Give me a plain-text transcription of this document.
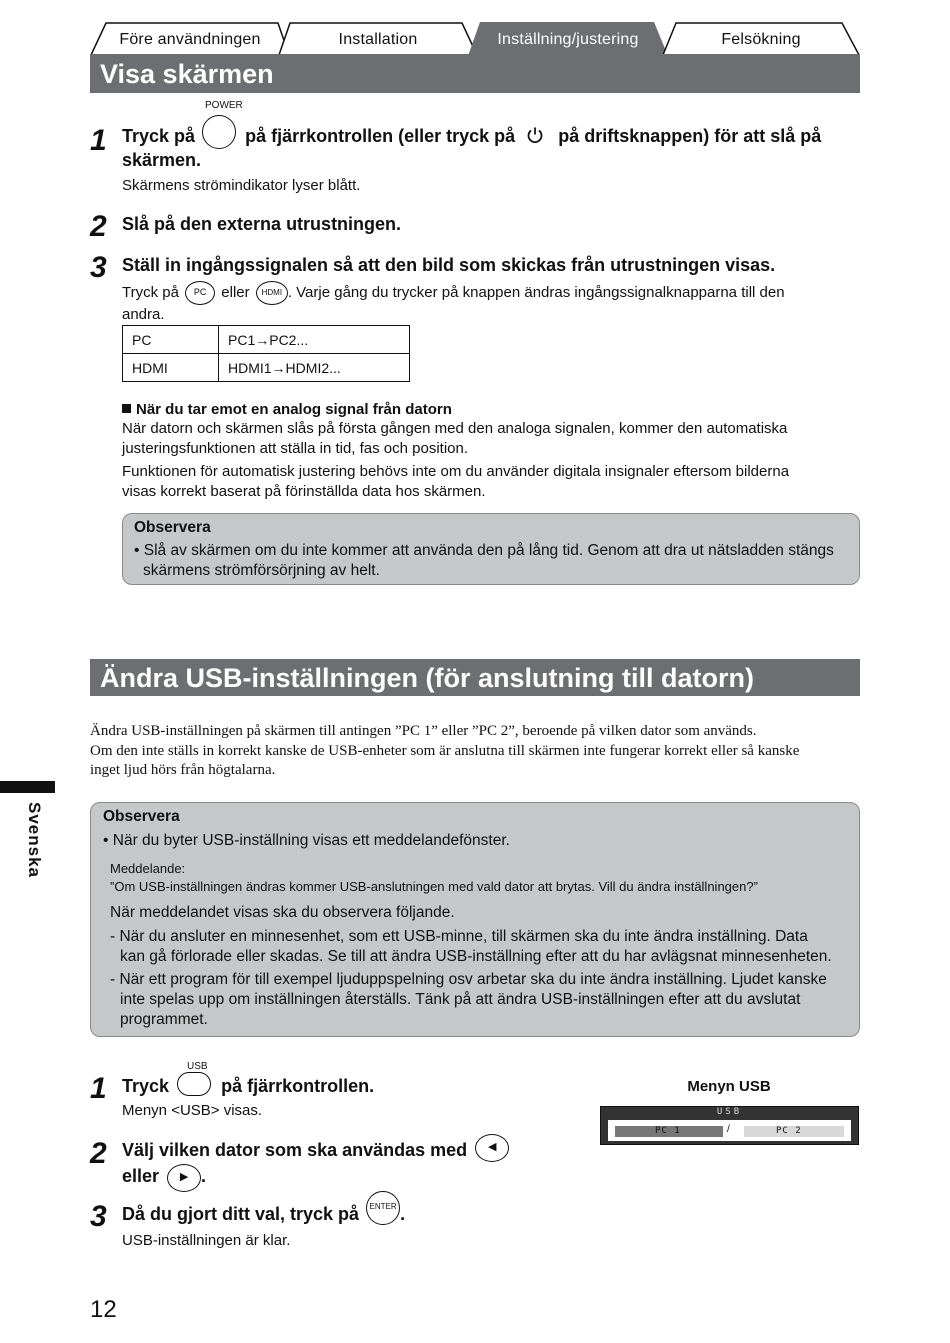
Före användningen	Installation	Inställning/justering	Felsökning
Visa skärmen
POWER
1 Tryck på	på fjärrkontrollen (eller tryck på på driftsknappen) för att slå på
skärmen.
Skärmens strömindikator lyser blått.
2 Slå på den externa utrustningen.
3 Ställ in ingångssignalen så att den bild som skickas från utrustningen visas.
Tryck på PC eller HDMI . Varje gång du trycker på knappen ändras ingångssignalknapparna till den
andra.
PC	PC1→PC2...
HDMI	HDMI1→HDMI2...
När du tar emot en analog signal från datorn
När datorn och skärmen slås på första gången med den analoga signalen, kommer den automatiska
justeringsfunktionen att ställa in tid, fas och position.
Funktionen för automatisk justering behövs inte om du använder digitala insignaler eftersom bilderna
visas korrekt baserat på förinställda data hos skärmen.
Observera
• Slå av skärmen om du inte kommer att använda den på lång tid. Genom att dra ut nätsladden stängs
skärmens strömförsörjning av helt.
Ändra USB-inställningen (för anslutning till datorn)
Ändra USB-inställningen på skärmen till antingen ”PC 1” eller ”PC 2”, beroende på vilken dator som används.
Om den inte ställs in korrekt kanske de USB-enheter som är anslutna till skärmen inte fungerar korrekt eller så kanske
inget ljud hörs från högtalarna.
Svenska	Observera
• När du byter USB-inställning visas ett meddelandefönster.
Meddelande:
”Om USB-inställningen ändras kommer USB-anslutningen med vald dator att brytas. Vill du ändra inställningen?”
När meddelandet visas ska du observera följande.
- När du ansluter en minnesenhet, som ett USB-minne, till skärmen ska du inte ändra inställning. Data
kan gå förlorade eller skadas. Se till att ändra USB-inställning efter att du har avlägsnat minnesenheten.
- När ett program för till exempel ljuduppspelning osv arbetar ska du inte ändra inställning. Ljudet kanske
inte spelas upp om inställningen återställs. Tänk på att ändra USB-inställningen efter att du avslutat
programmet.
USB
1 Tryck	på fjärrkontrollen.
Menyn <USB> visas.
2 Välj vilken dator som ska användas med ◀
eller ▶ .
3 Då du gjort ditt val, tryck på ENTER .
USB-inställningen är klar.
Menyn USB
USB
PC 1	/	PC 2
12
